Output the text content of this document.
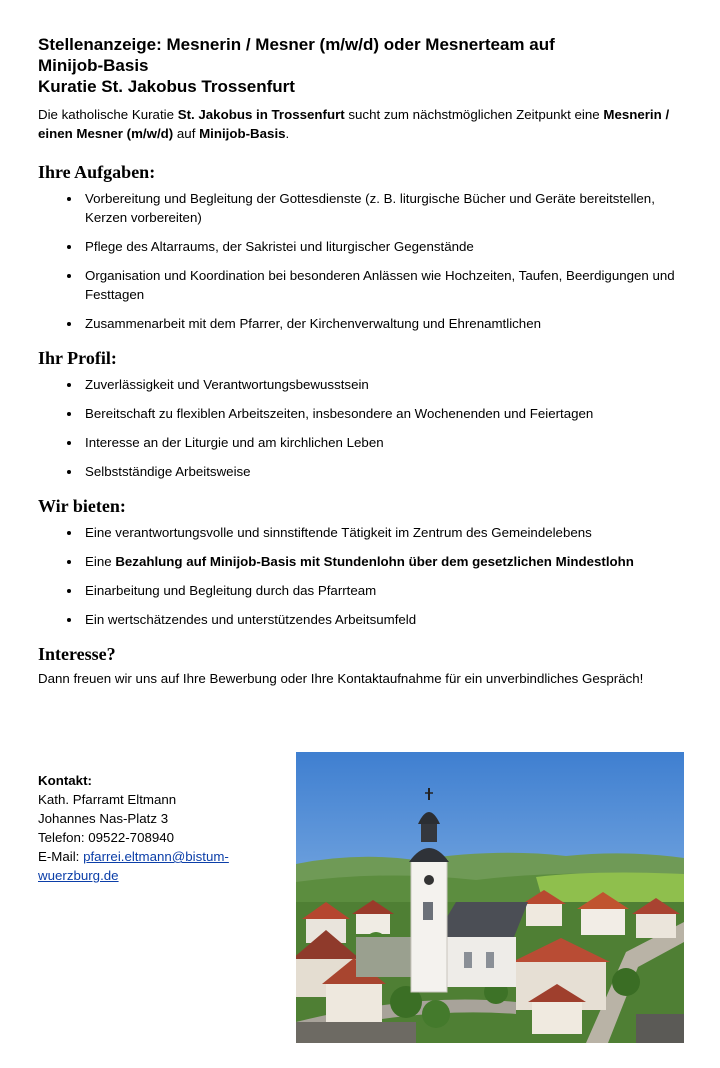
Stellenanzeige: Mesnerin / Mesner (m/w/d) oder Mesnerteam auf
Minijob-Basis
Kuratie St. Jakobus Trossenfurt

Die katholische Kuratie St. Jakobus in Trossenfurt sucht zum nächstmöglichen Zeitpunkt eine Mesnerin / einen Mesner (m/w/d) auf Minijob-Basis.

Ihre Aufgaben:
Vorbereitung und Begleitung der Gottesdienste (z. B. liturgische Bücher und Geräte bereitstellen, Kerzen vorbereiten)
Pflege des Altarraums, der Sakristei und liturgischer Gegenstände
Organisation und Koordination bei besonderen Anlässen wie Hochzeiten, Taufen, Beerdigungen und Festtagen
Zusammenarbeit mit dem Pfarrer, der Kirchenverwaltung und Ehrenamtlichen
Ihr Profil:
Zuverlässigkeit und Verantwortungsbewusstsein
Bereitschaft zu flexiblen Arbeitszeiten, insbesondere an Wochenenden und Feiertagen
Interesse an der Liturgie und am kirchlichen Leben
Selbstständige Arbeitsweise
Wir bieten:
Eine verantwortungsvolle und sinnstiftende Tätigkeit im Zentrum des Gemeindelebens
Eine Bezahlung auf Minijob-Basis mit Stundenlohn über dem gesetzlichen Mindestlohn
Einarbeitung und Begleitung durch das Pfarrteam
Ein wertschätzendes und unterstützendes Arbeitsumfeld
Interesse?

Dann freuen wir uns auf Ihre Bewerbung oder Ihre Kontaktaufnahme für ein unverbindliches Gespräch!

Kontakt:
Kath. Pfarramt Eltmann
Johannes Nas-Platz 3
Telefon: 09522-708940
E-Mail: pfarrei.eltmann@bistum-wuerzburg.de
